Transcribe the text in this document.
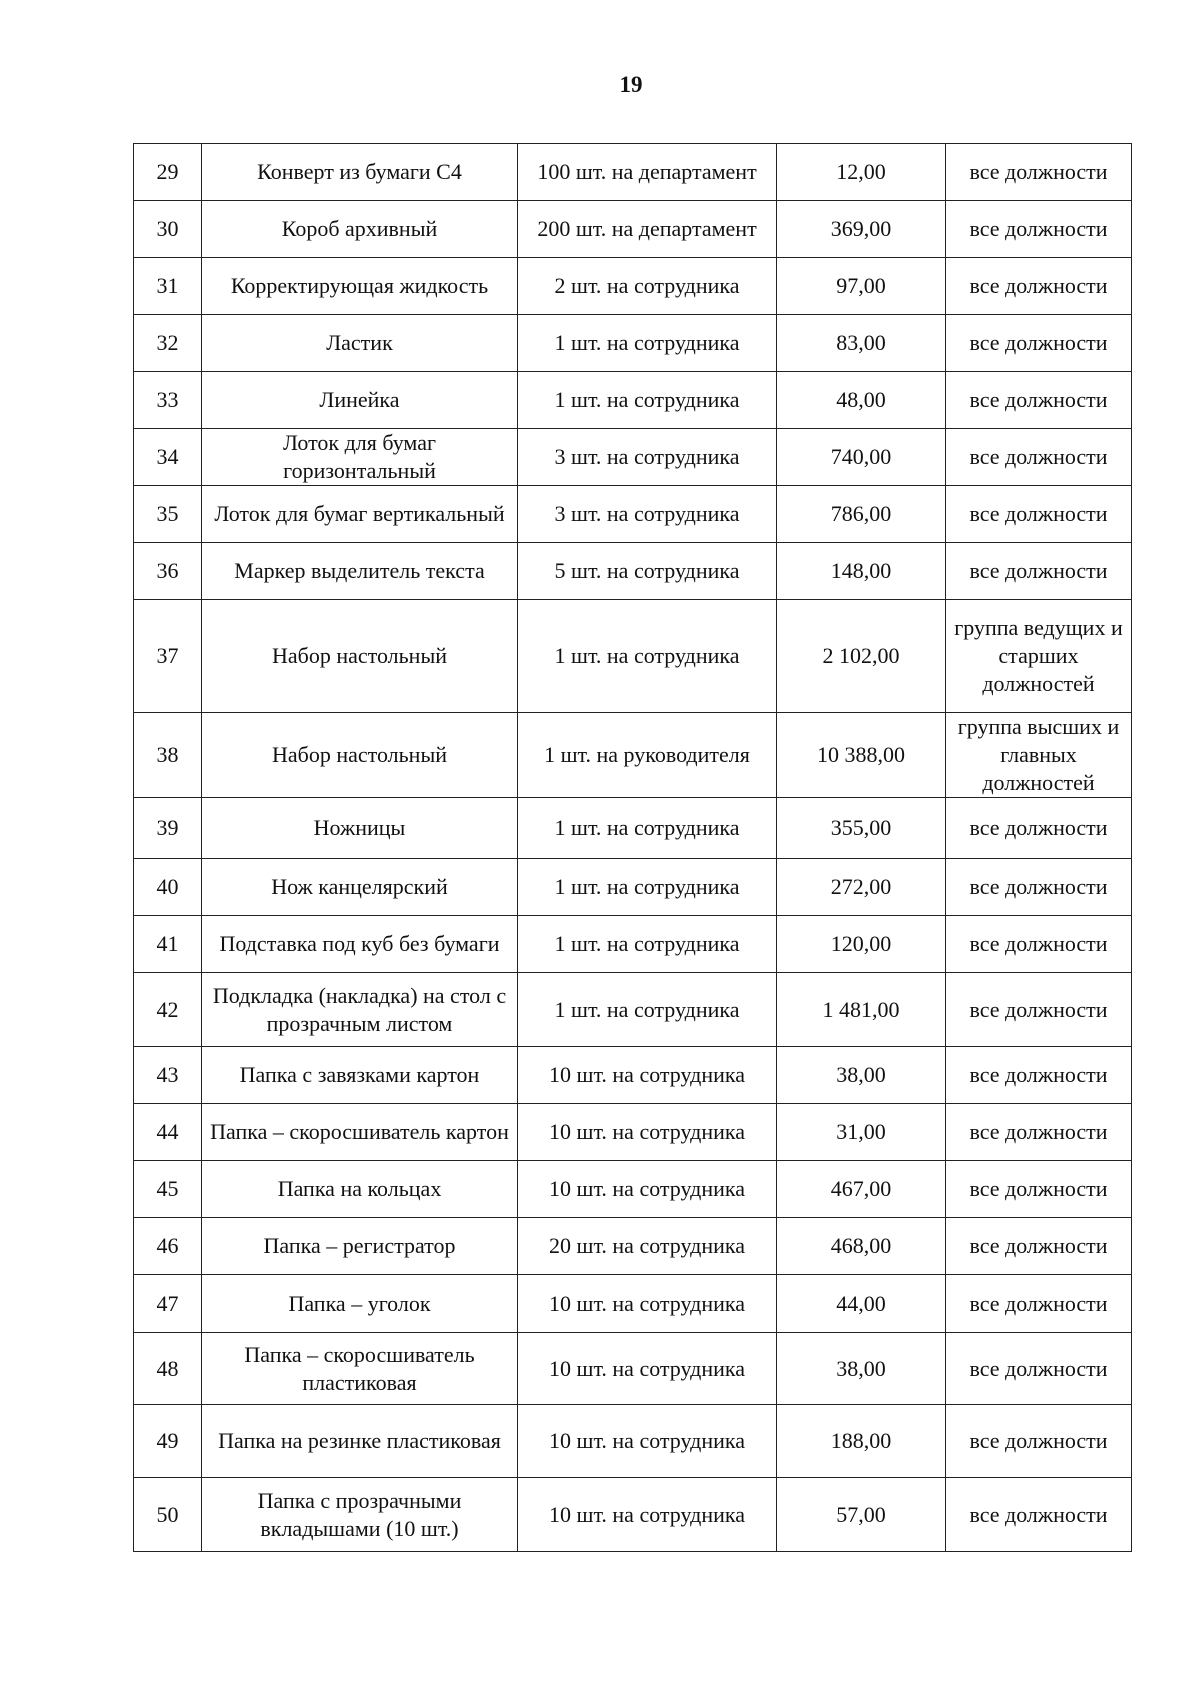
19
29	Конверт из бумаги С4	100 шт. на департамент	12,00	все должности
30	Короб архивный	200 шт. на департамент	369,00	все должности
31	Корректирующая жидкость	2 шт. на сотрудника	97,00	все должности
32	Ластик	1 шт. на сотрудника	83,00	все должности
33	Линейка	1 шт. на сотрудника	48,00	все должности
34	Лоток для бумаг горизонтальный	3 шт. на сотрудника	740,00	все должности
35	Лоток для бумаг вертикальный	3 шт. на сотрудника	786,00	все должности
36	Маркер выделитель текста	5 шт. на сотрудника	148,00	все должности
37	Набор настольный	1 шт. на сотрудника	2 102,00	группа ведущих и старших должностей
38	Набор настольный	1 шт. на руководителя	10 388,00	группа высших и главных должностей
39	Ножницы	1 шт. на сотрудника	355,00	все должности
40	Нож канцелярский	1 шт. на сотрудника	272,00	все должности
41	Подставка под куб без бумаги	1 шт. на сотрудника	120,00	все должности
42	Подкладка (накладка) на стол с прозрачным листом	1 шт. на сотрудника	1 481,00	все должности
43	Папка с завязками картон	10 шт. на сотрудника	38,00	все должности
44	Папка – скоросшиватель картон	10 шт. на сотрудника	31,00	все должности
45	Папка на кольцах	10 шт. на сотрудника	467,00	все должности
46	Папка – регистратор	20 шт. на сотрудника	468,00	все должности
47	Папка – уголок	10 шт. на сотрудника	44,00	все должности
48	Папка – скоросшиватель пластиковая	10 шт. на сотрудника	38,00	все должности
49	Папка на резинке пластиковая	10 шт. на сотрудника	188,00	все должности
50	Папка с прозрачными вкладышами (10 шт.)	10 шт. на сотрудника	57,00	все должности
